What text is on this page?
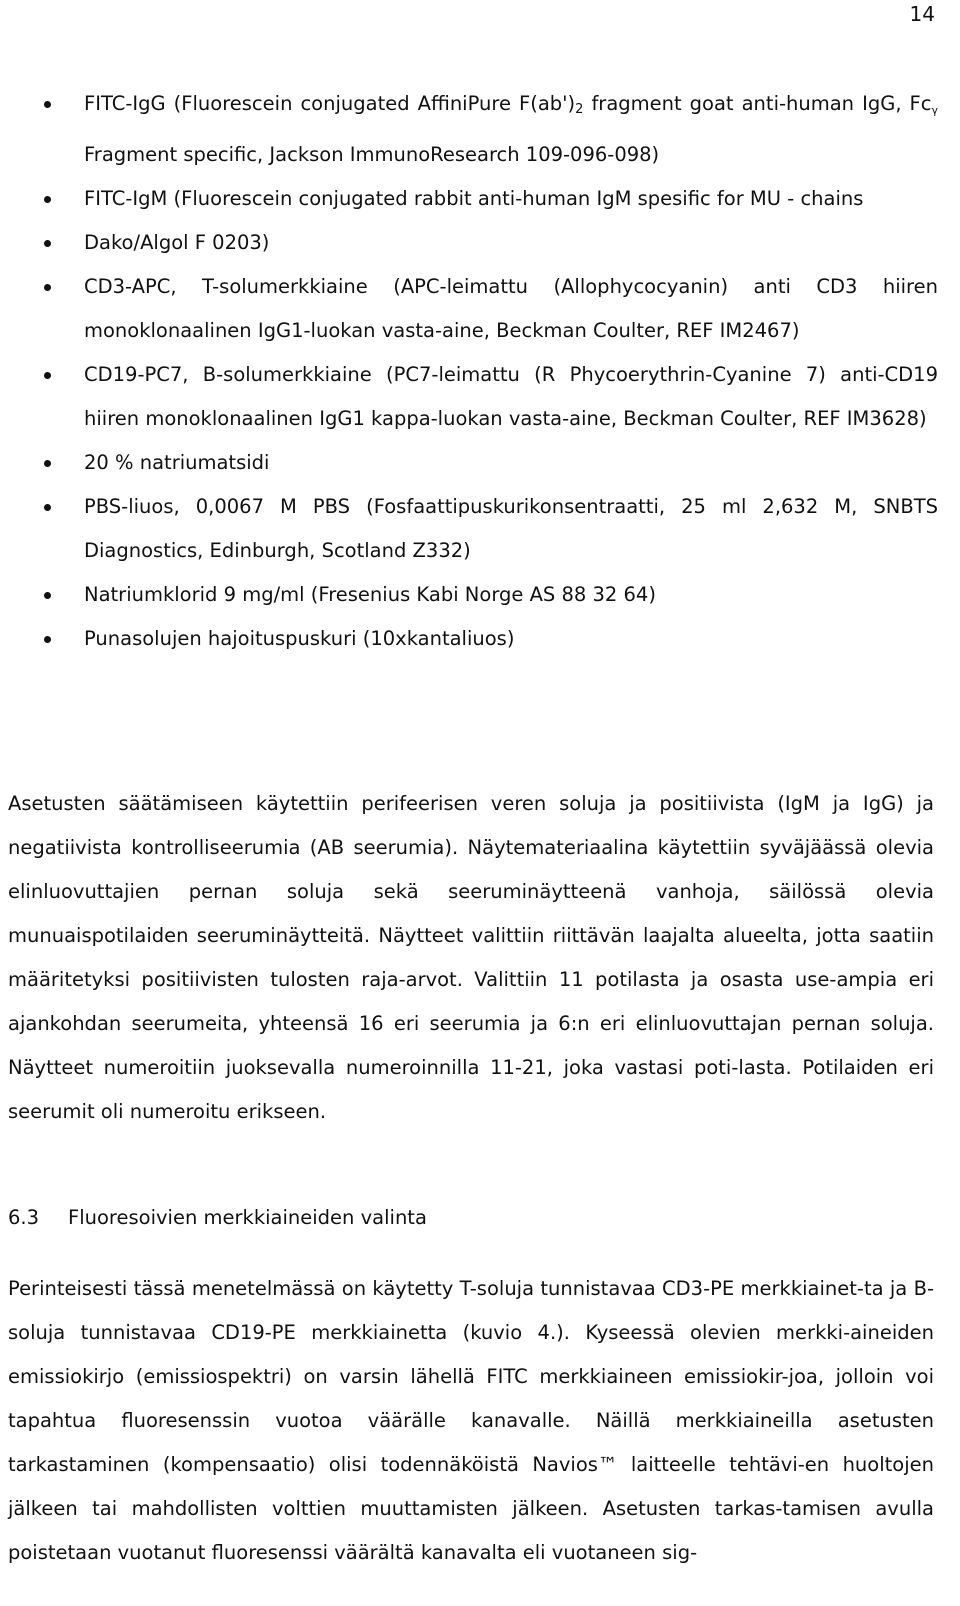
14
FITC-IgG (Fluorescein conjugated AffiniPure $F(ab')_2$ fragment goat anti-human IgG, $Fc_\gamma$ Fragment specific, Jackson ImmunoResearch 109-096-098)
FITC-IgM (Fluorescein conjugated rabbit anti-human IgM spesific for MU - chains
Dako/Algol F 0203)
CD3-APC, T-solumerkkiaine (APC-leimattu (Allophycocyanin) anti CD3 hiiren monoklonaalinen IgG1-luokan vasta-aine, Beckman Coulter, REF IM2467)
CD19-PC7, B-solumerkkiaine (PC7-leimattu (R Phycoerythrin-Cyanine 7) anti-CD19 hiiren monoklonaalinen IgG1 kappa-luokan vasta-aine, Beckman Coulter, REF IM3628)
20 % natriumatsidi
PBS-liuos, 0,0067 M PBS (Fosfaattipuskurikonsentraatti, 25 ml 2,632 M, SNBTS Diagnostics, Edinburgh, Scotland Z332)
Natriumklorid 9 mg/ml (Fresenius Kabi Norge AS 88 32 64)
Punasolujen hajoituspuskuri (10xkantaliuos)

Asetusten säätämiseen käytettiin perifeerisen veren soluja ja positiivista (IgM ja IgG) ja negatiivista kontrolliseerumia (AB seerumia). Näytemateriaalina käytettiin syväjäässä olevia elinluovuttajien pernan soluja sekä seeruminäytteenä vanhoja, säilössä olevia munuaispotilaiden seeruminäytteitä. Näytteet valittiin riittävän laajalta alueelta, jotta saatiin määritetyksi positiivisten tulosten raja-arvot. Valittiin 11 potilasta ja osasta use-ampia eri ajankohdan seerumeita, yhteensä 16 eri seerumia ja 6:n eri elinluovuttajan pernan soluja. Näytteet numeroitiin juoksevalla numeroinnilla 11-21, joka vastasi poti-lasta. Potilaiden eri seerumit oli numeroitu erikseen.

6.3 Fluoresoivien merkkiaineiden valinta

Perinteisesti tässä menetelmässä on käytetty T-soluja tunnistavaa CD3-PE merkkiainet-ta ja B-soluja tunnistavaa CD19-PE merkkiainetta (kuvio 4.). Kyseessä olevien merkki-aineiden emissiokirjo (emissiospektri) on varsin lähellä FITC merkkiaineen emissiokir-joa, jolloin voi tapahtua fluoresenssin vuotoa väärälle kanavalle. Näillä merkkiaineilla asetusten tarkastaminen (kompensaatio) olisi todennäköistä Navios™ laitteelle tehtävi-en huoltojen jälkeen tai mahdollisten volttien muuttamisten jälkeen. Asetusten tarkas-tamisen avulla poistetaan vuotanut fluoresenssi väärältä kanavalta eli vuotaneen sig-
